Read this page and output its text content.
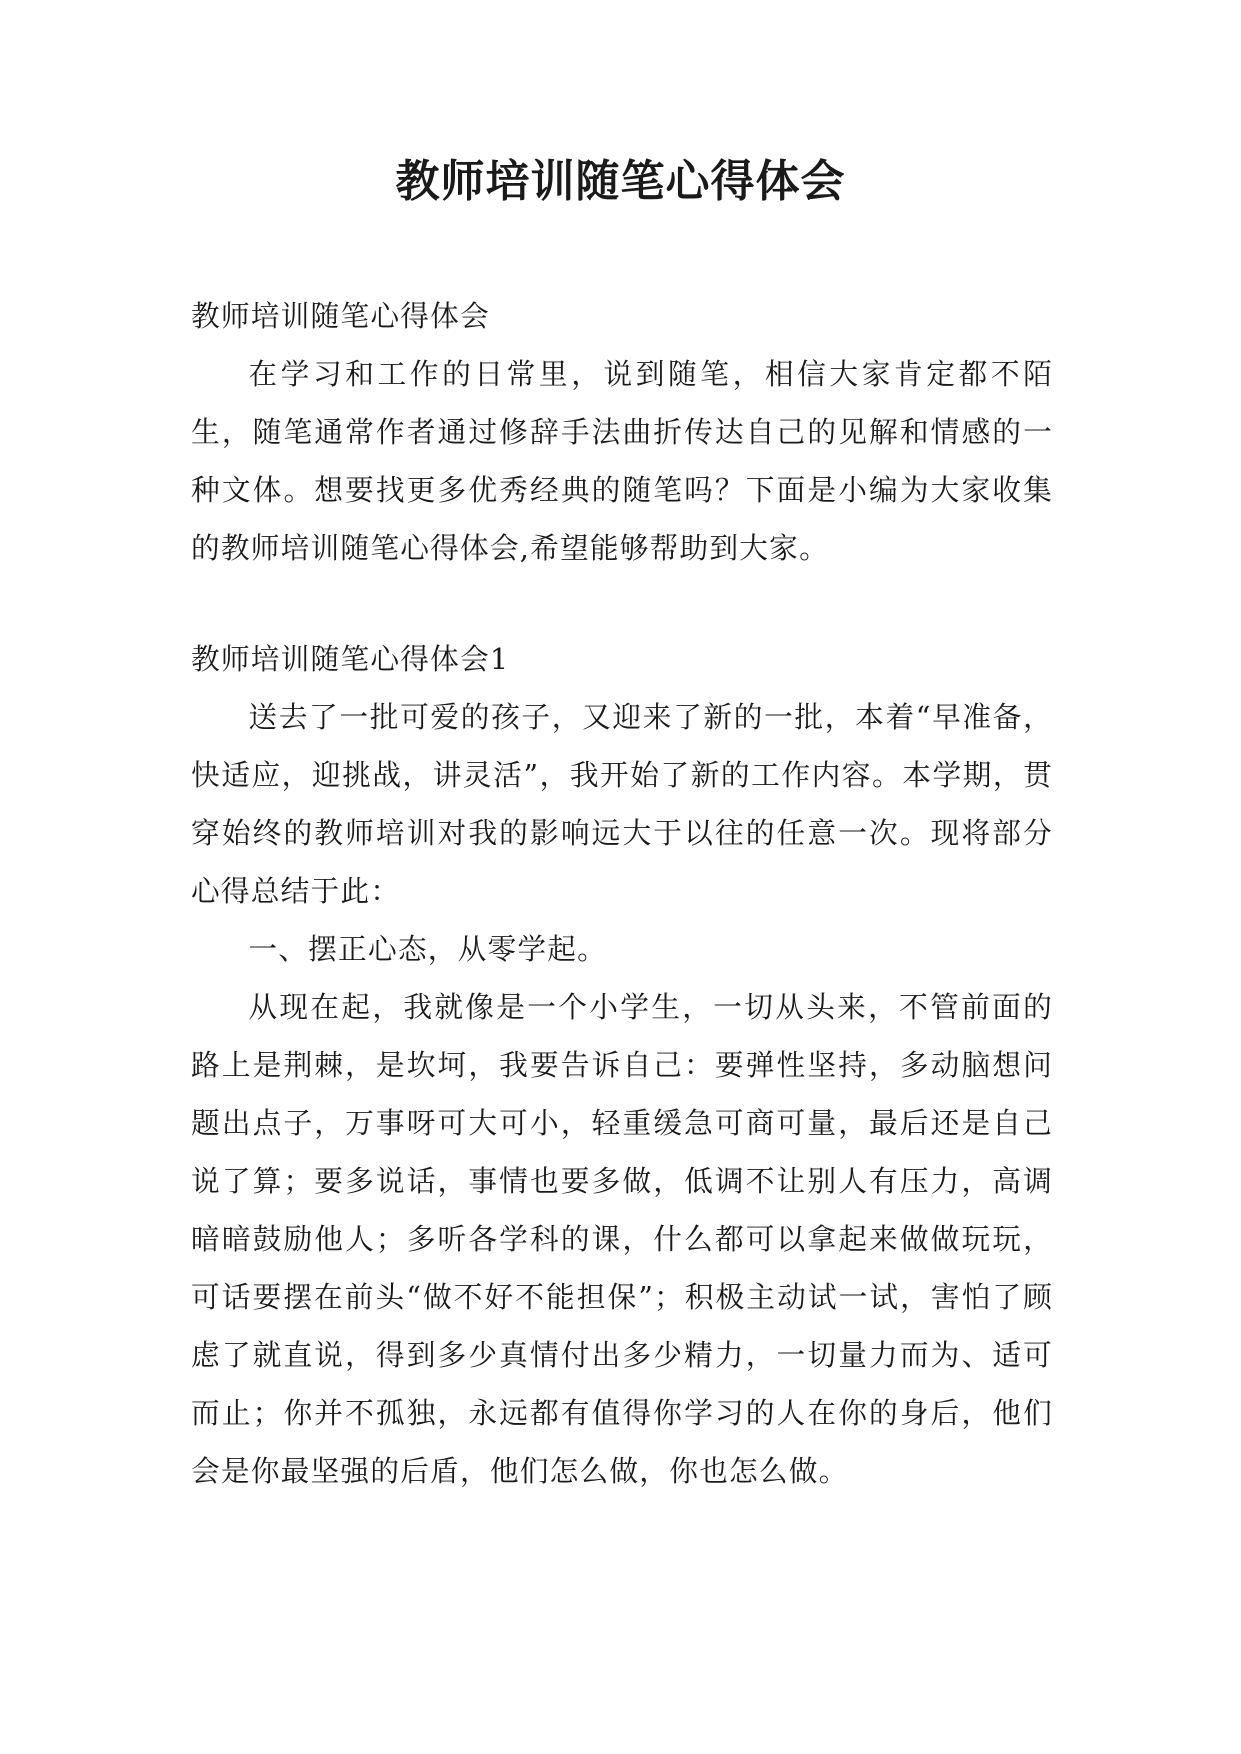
教师培训随笔心得体会
教师培训随笔心得体会

在学习和工作的日常里，说到随笔，相信大家肯定都不陌生，随笔通常作者通过修辞手法曲折传达自己的见解和情感的一种文体。想要找更多优秀经典的随笔吗？下面是小编为大家收集的教师培训随笔心得体会,希望能够帮助到大家。

教师培训随笔心得体会1

送去了一批可爱的孩子，又迎来了新的一批，本着“早准备，快适应，迎挑战，讲灵活”，我开始了新的工作内容。本学期，贯穿始终的教师培训对我的影响远大于以往的任意一次。现将部分心得总结于此：

一、摆正心态，从零学起。

从现在起，我就像是一个小学生，一切从头来，不管前面的路上是荆棘，是坎坷，我要告诉自己：要弹性坚持，多动脑想问题出点子，万事呀可大可小，轻重缓急可商可量，最后还是自己说了算；要多说话，事情也要多做，低调不让别人有压力，高调暗暗鼓励他人；多听各学科的课，什么都可以拿起来做做玩玩，可话要摆在前头“做不好不能担保”；积极主动试一试，害怕了顾虑了就直说，得到多少真情付出多少精力，一切量力而为、适可而止；你并不孤独，永远都有值得你学习的人在你的身后，他们会是你最坚强的后盾，他们怎么做，你也怎么做。
